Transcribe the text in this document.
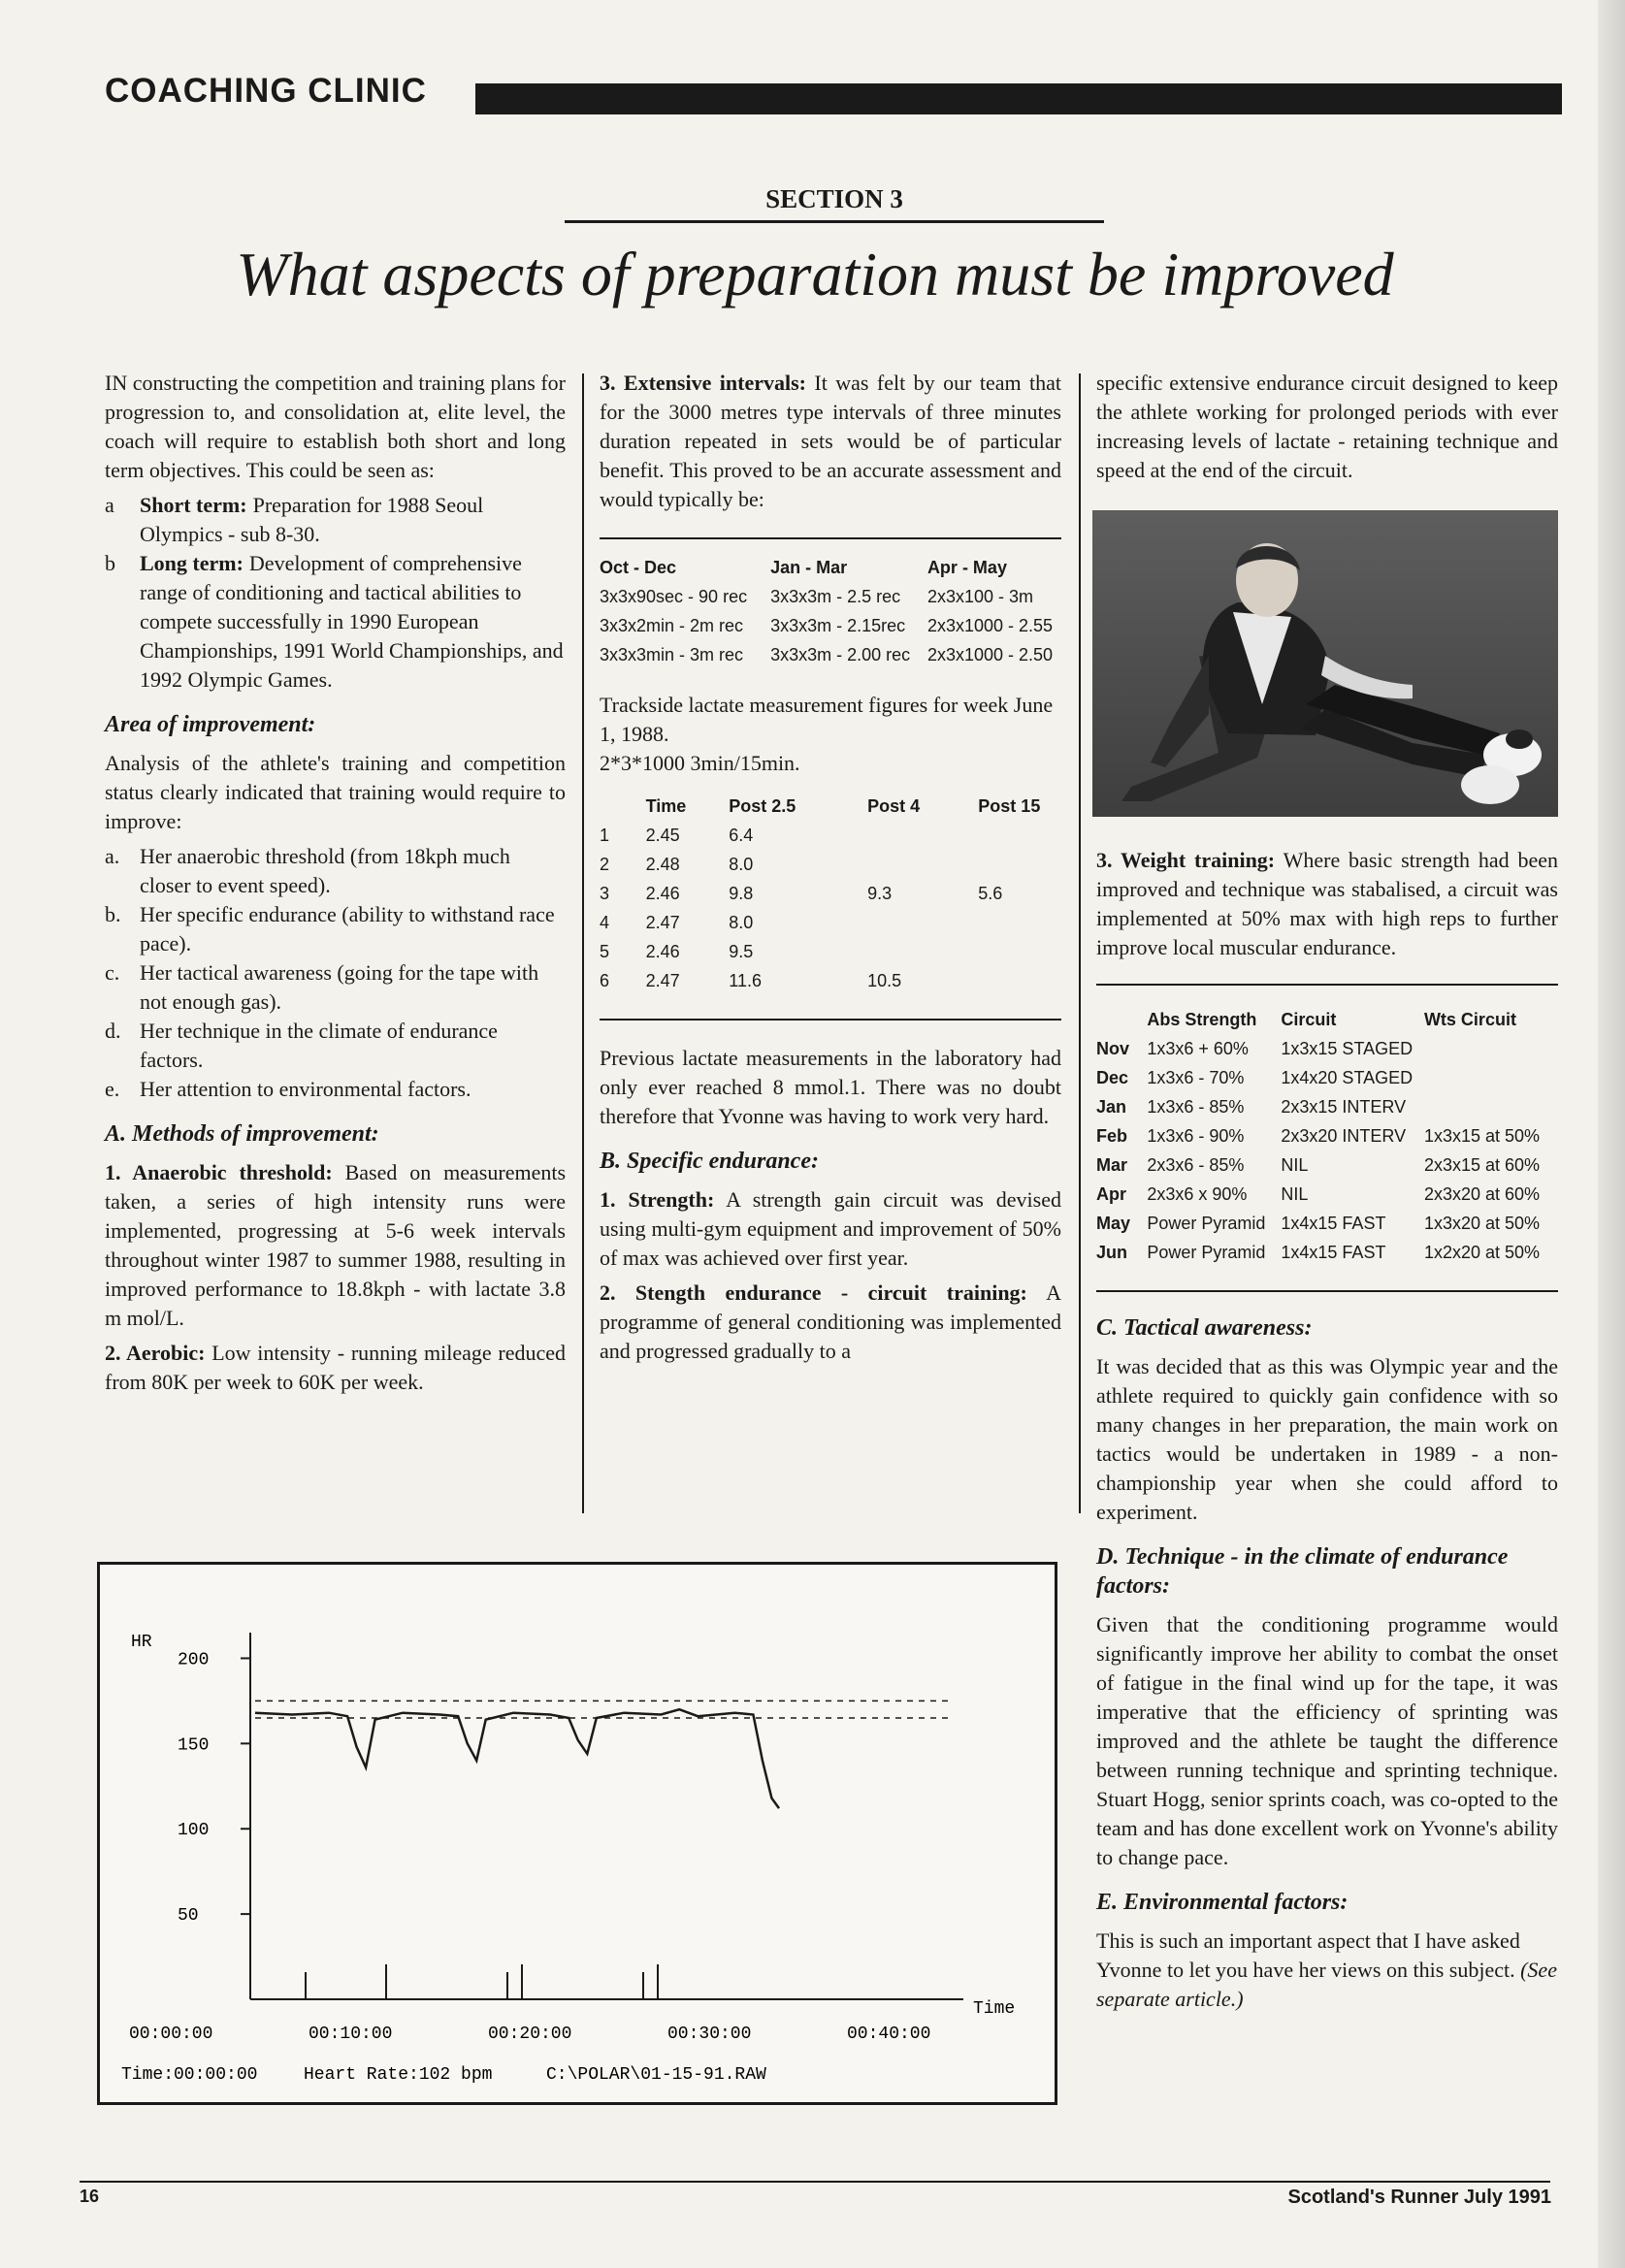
COACHING CLINIC
SECTION 3
What aspects of preparation must be improved

IN constructing the competition and training plans for progression to, and consolidation at, elite level, the coach will require to establish both short and long term objectives. This could be seen as:

a	Short term: Preparation for 1988 Seoul Olympics - sub 8-30.
b	Long term: Development of comprehensive range of conditioning and tactical abilities to compete successfully in 1990 European Championships, 1991 World Championships, and 1992 Olympic Games.
Area of improvement:

Analysis of the athlete's training and competition status clearly indicated that training would require to improve:

a. Her anaerobic threshold (from 18kph much closer to event speed).
b. Her specific endurance (ability to withstand race pace).
c. Her tactical awareness (going for the tape with not enough gas).
d. Her technique in the climate of endurance factors.
e. Her attention to environmental factors.
A. Methods of improvement:

1. Anaerobic threshold: Based on measurements taken, a series of high intensity runs were implemented, progressing at 5-6 week intervals throughout winter 1987 to summer 1988, resulting in improved performance to 18.8kph - with lactate 3.8 m mol/L.

2. Aerobic: Low intensity - running mileage reduced from 80K per week to 60K per week.

3. Extensive intervals: It was felt by our team that for the 3000 metres type intervals of three minutes duration repeated in sets would be of particular benefit. This proved to be an accurate assessment and would typically be:

Oct - Dec	Jan - Mar	Apr - May
3x3x90sec - 90 rec	3x3x3m - 2.5 rec	2x3x100 - 3m
3x3x2min - 2m rec	3x3x3m - 2.15rec	2x3x1000 - 2.55
3x3x3min - 3m rec	3x3x3m - 2.00 rec	2x3x1000 - 2.50

Trackside lactate measurement figures for week June 1, 1988.

2*3*1000 3min/15min.

	Time	Post 2.5	Post 4	Post 15
1	2.45	6.4		
2	2.48	8.0		
3	2.46	9.8	9.3	5.6
4	2.47	8.0		
5	2.46	9.5		
6	2.47	11.6	10.5	

Previous lactate measurements in the laboratory had only ever reached 8 mmol.1. There was no doubt therefore that Yvonne was having to work very hard.

B. Specific endurance:

1. Strength: A strength gain circuit was devised using multi-gym equipment and improvement of 50% of max was achieved over first year.

2. Stength endurance - circuit training: A programme of general conditioning was implemented and progressed gradually to a

specific extensive endurance circuit designed to keep the athlete working for prolonged periods with ever increasing levels of lactate - retaining technique and speed at the end of the circuit.

3. Weight training: Where basic strength had been improved and technique was stabalised, a circuit was implemented at 50% max with high reps to further improve local muscular endurance.

	Abs Strength	Circuit	Wts Circuit
Nov	1x3x6 + 60%	1x3x15 STAGED	
Dec	1x3x6 - 70%	1x4x20 STAGED	
Jan	1x3x6 - 85%	2x3x15 INTERV	
Feb	1x3x6 - 90%	2x3x20 INTERV	1x3x15 at 50%
Mar	2x3x6 - 85%	NIL	2x3x15 at 60%
Apr	2x3x6 x 90%	NIL	2x3x20 at 60%
May	Power Pyramid	1x4x15 FAST	1x3x20 at 50%
Jun	Power Pyramid	1x4x15 FAST	1x2x20 at 50%
C. Tactical awareness:

It was decided that as this was Olympic year and the athlete required to quickly gain confidence with so many changes in her preparation, the main work on tactics would be undertaken in 1989 - a non-championship year when she could afford to experiment.

D. Technique - in the climate of endurance factors:

Given that the conditioning programme would significantly improve her ability to combat the onset of fatigue in the final wind up for the tape, it was imperative that the efficiency of sprinting was improved and the athlete be taught the difference between running technique and sprinting technique. Stuart Hogg, senior sprints coach, was co-opted to the team and has done excellent work on Yvonne's ability to change pace.

E. Environmental factors:

This is such an important aspect that I have asked Yvonne to let you have her views on this subject. (See separate article.)

HR
Time
200
150
100
50
00:00:00	00:10:00	00:20:00	00:30:00	00:40:00
Time:00:00:00	Heart Rate:102 bpm	C:\POLAR\01-15-91.RAW
16	Scotland's Runner July 1991
